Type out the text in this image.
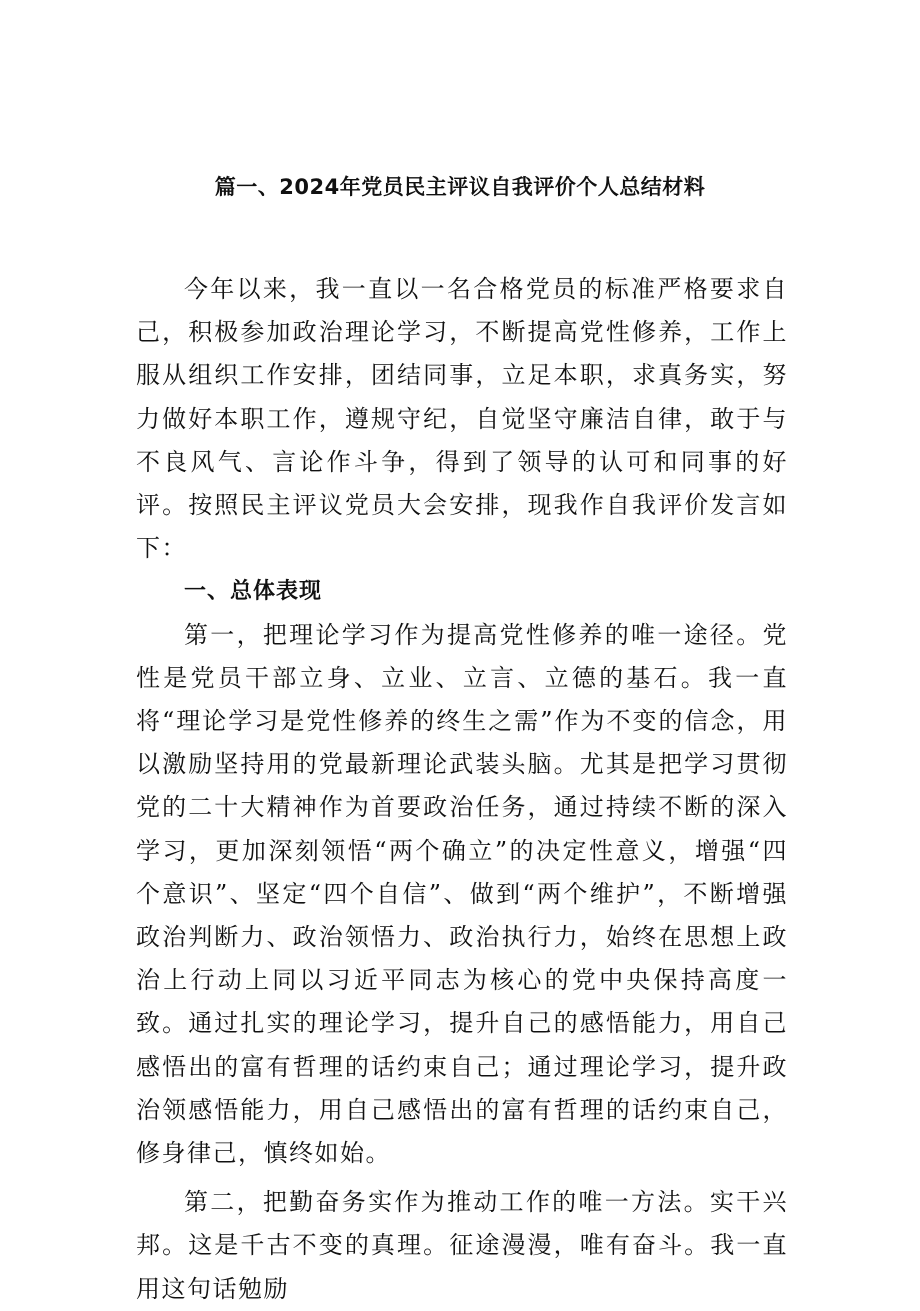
篇一、2024年党员民主评议自我评价个人总结材料

今年以来，我一直以一名合格党员的标准严格要求自己，积极参加政治理论学习，不断提高党性修养，工作上服从组织工作安排，团结同事，立足本职，求真务实，努力做好本职工作，遵规守纪，自觉坚守廉洁自律，敢于与不良风气、言论作斗争，得到了领导的认可和同事的好评。按照民主评议党员大会安排，现我作自我评价发言如下：

一、总体表现

第一，把理论学习作为提高党性修养的唯一途径。党性是党员干部立身、立业、立言、立德的基石。我一直将“理论学习是党性修养的终生之需”作为不变的信念，用以激励坚持用的党最新理论武装头脑。尤其是把学习贯彻党的二十大精神作为首要政治任务，通过持续不断的深入学习，更加深刻领悟“两个确立”的决定性意义，增强“四个意识”、坚定“四个自信”、做到“两个维护”，不断增强政治判断力、政治领悟力、政治执行力，始终在思想上政治上行动上同以习近平同志为核心的党中央保持高度一致。通过扎实的理论学习，提升自己的感悟能力，用自己感悟出的富有哲理的话约束自己；通过理论学习，提升政治领感悟能力，用自己感悟出的富有哲理的话约束自己，修身律己，慎终如始。

第二，把勤奋务实作为推动工作的唯一方法。实干兴邦。这是千古不变的真理。征途漫漫，唯有奋斗。我一直用这句话勉励
